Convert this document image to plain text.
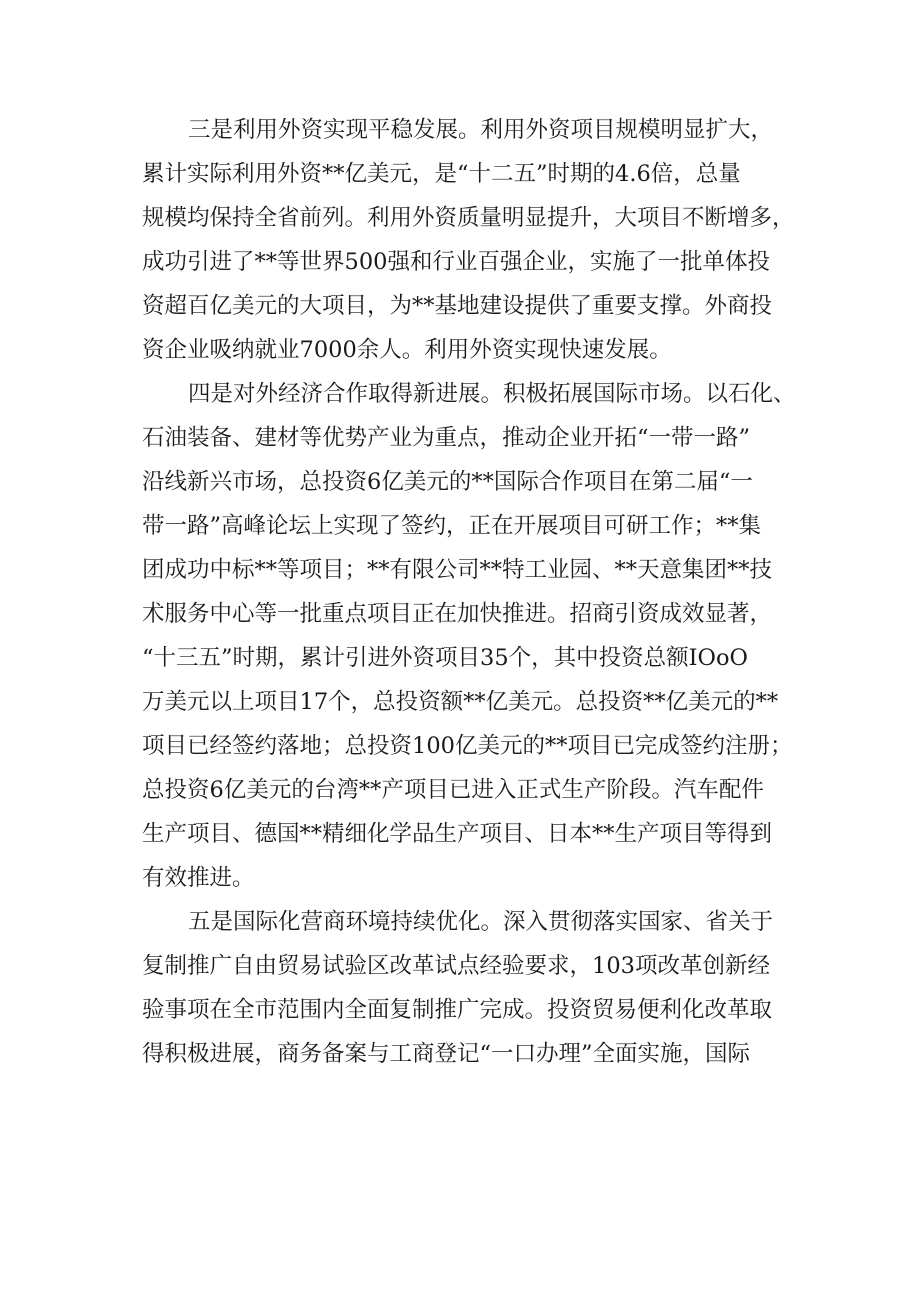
三是利用外资实现平稳发展。利用外资项目规模明显扩大，
累计实际利用外资**亿美元，是“十二五”时期的4.6倍，总量
规模均保持全省前列。利用外资质量明显提升，大项目不断增多，
成功引进了**等世界500强和行业百强企业，实施了一批单体投
资超百亿美元的大项目，为**基地建设提供了重要支撑。外商投
资企业吸纳就业7000余人。利用外资实现快速发展。
四是对外经济合作取得新进展。积极拓展国际市场。以石化、
石油装备、建材等优势产业为重点，推动企业开拓“一带一路”
沿线新兴市场，总投资6亿美元的**国际合作项目在第二届“一
带一路”高峰论坛上实现了签约，正在开展项目可研工作；**集
团成功中标**等项目；**有限公司**特工业园、**天意集团**技
术服务中心等一批重点项目正在加快推进。招商引资成效显著，
“十三五”时期，累计引进外资项目35个，其中投资总额IOoO
万美元以上项目17个，总投资额**亿美元。总投资**亿美元的**
项目已经签约落地；总投资100亿美元的**项目已完成签约注册；
总投资6亿美元的台湾**产项目已进入正式生产阶段。汽车配件
生产项目、德国**精细化学品生产项目、日本**生产项目等得到
有效推进。
五是国际化营商环境持续优化。深入贯彻落实国家、省关于
复制推广自由贸易试验区改革试点经验要求，103项改革创新经
验事项在全市范围内全面复制推广完成。投资贸易便利化改革取
得积极进展，商务备案与工商登记“一口办理”全面实施，国际
